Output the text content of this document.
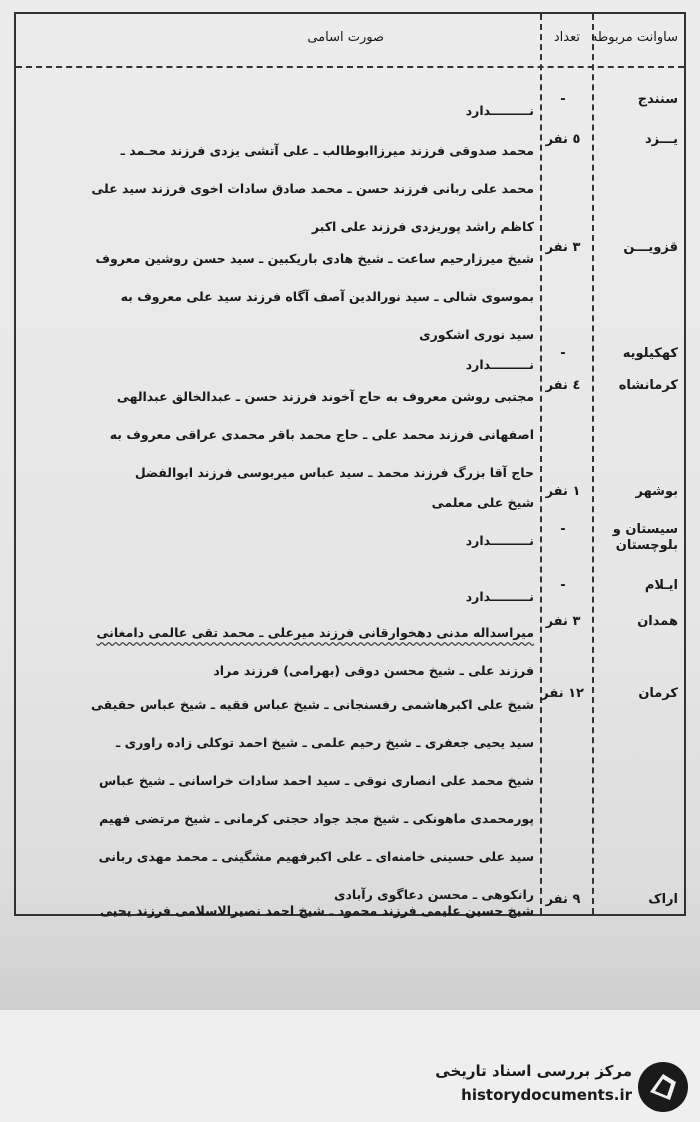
ساوانت مربوطه
تعداد
صورت اسامی
سنندج
-
نـــــــــدارد
یـــزد
٥ نفر
محمد صدوقی فرزند میرزاابوطالب ـ علی آتشی یزدی فرزند محـمد ـ
محمد علی ربانی فرزند حسن ـ محمد صادق سادات اخوی فرزند سید علی
کاظم راشد پوریزدی فرزند علی اکبر
قزویـــن
٣ نفر
شیخ میرزارحیم ساعت ـ شیخ هادی باریکبین ـ سید حسن روشین معروف
بموسوی شالی ـ سید نورالدین آصف آگاه فرزند سید علی معروف به
سید نوری اشکوری
کهکیلویه
-
نـــــــــدارد
کرمانشاه
٤ نفر
مجتبی روشن معروف به حاج آخوند فرزند حسن ـ عبدالخالق عبدالهی
اصفهانی فرزند محمد علی ـ حاج محمد باقر محمدی عراقی معروف به
حاج آقا بزرگ فرزند محمد ـ سید عباس میربوسی فرزند ابوالفضل
بوشهر
١ نفر
شیخ علی معلمی
سیستان و بلوچستان
-
نـــــــــدارد
ایـلام
-
نـــــــــدارد
همدان
٣ نفر
میراسداله مدنی دهخوارقانی فرزند میرعلی ـ محمد تقی عالمی دامغانی
فرزند علی ـ شیخ محسن دوقی (بهرامی) فرزند مراد
کرمان
١٢ نفر
شیخ علی اکبرهاشمی رفسنجانی ـ شیخ عباس فقیه ـ شیخ عباس حقیقی
سید یحیی جعفری ـ شیخ رحیم علمی ـ شیخ احمد توکلی زاده راوری ـ
شیخ محمد علی انصاری نوقی ـ سید احمد سادات خراسانی ـ شیخ عباس
پورمحمدی ماهونکی ـ شیخ مجد جواد حجتی کرمانی ـ شیخ مرتضی فهیم
سید علی حسینی خامنه‌ای ـ علی اکبرفهیم مشگینی ـ محمد مهدی ربانی
رانکوهی ـ محسن دعاگوی رآبادی	اراک
٩ نفر
شیخ حسین علیمی فرزند محمود ـ شیخ احمد نصیرالاسلامی فرزند یحیی
مرکز بررسی اسناد تاریخی
historydocuments.ir
